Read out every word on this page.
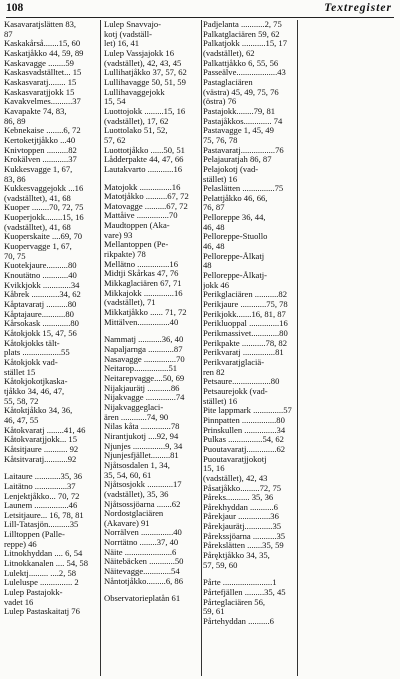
108	Textregister
Kasavaratjslätten 83,
87
Kaskakårså.......15, 60
Kaskatjåkko 44, 59, 89
Kaskavagge ........59
Kaskasvadställtet... 15
Kaskasvaratj........ 15
Kaskasvaratjjokk 15
Kavakvelmes..........37
Kavapakte 74, 83,
86, 89
Kebnekaise ........6, 72
Kertoketjtjåkko ...40
Knivtoppen ..........82
Krokälven ............37
Kukkesvagge 1, 67,
83, 86
Kukkesvaggejokk ...16
(vadställtet), 41, 68
Kuoper ........70, 72, 75
Kuoperjokk........15, 16
(vadställtet), 41, 68
Kuoperskaite ....69, 70
Kuopervagge 1, 67,
70, 75
Kuotekjaure..........80
Knoutätno ............40
Kvikkjokk .............34
Kåbrek .............34, 62
Kåptavaratj ..........80
Kåptajaure...........80
Kårsokask .............80
Kåtokjokk 15, 47, 56
Kåtokjokks tält-
plats ..................55
Kåtokjokk vad-
stället 15
Kåtokjokotjkaska-
tjåkko 34, 46, 47,
55, 58, 72
Kåtoktjåkko 34, 36,
46, 47, 55
Kåtokvaratj ........41, 46
Kåtokvaratjjokk... 15
Kåtsitjaure ........... 92
Kåtsitvaratj...........92
Laitaure ............35, 36
Laitätno ...............37
Lenjektjåkko... 70, 72
Launem ................46
Letsitjaure... 16, 78, 81
Lill-Tatasjön..........35
Lilltoppen (Palle-
reppe) 46
Litnokhyddan .... 6, 54
Litnokkanalen .... 54, 58
Lulektj......... ....2, 58
Luleluspe ............... 2
Lulep Pastajokk-
vadet 16
Lulep Pastaskaitatj 76
Lulep Snavvajo-
kotj (vadställ-
let) 16, 41
Lulep Vassjajokk 16
(vadstället), 42, 43, 45
Lullihatjåkko 37, 57, 62
Lullihavagge 50, 51, 59
Lullihavaggejokk
15, 54
Luottojokk .........15, 16
(vadstället), 17, 62
Luottolako 51, 52,
57, 62
Luottotjåkko ......50, 51
Lådderpakte 44, 47, 66
Lautakvarto ............16
Matojokk ...............16
Matotjåkko ..........67, 72
Matovagge ..........67, 72
Mattåive ...............70
Maudtoppen (Aka-
vare) 93
Mellantoppen (Pe-
rikpakte) 78
Mellätno ...............16
Midtji Skårkas 47, 76
Mikkaglaciären 67, 71
Mikkajokk ..............16
(vadstället), 71
Mikkatjåkko ...... 71, 72
Mittälven...............40
Nammatj ...........36, 40
Napaljarnga ............87
Nasavagge ...............70
Neitarop................51
Neitarepvagge....50, 69
Nijakjaurätj ...........86
Nijakvagge ..............74
Nijakvaggeglaci-
ären ............74, 90
Nilas kåta ..............78
Nirantjukotj ....92, 94
Njunjes ...............9, 34
Njunjesfjället.........81
Njåtsosdalen 1, 34,
35, 54, 60, 61
Njåtsosjokk ............17
(vadstället), 35, 36
Njåtsossjöarna .......62
Nordostglaciären
(Akavare) 91
Norrälven ...............40
Norrtätno ........37, 40
Näite ......................6
Näitebäcken ............50
Näitevagge.............54
Nåntotjåkko.........6, 86
Observatorieplatån 61
Padjelanta ...........2, 75
Palkatglaciären 59, 62
Palkatjokk ...........15, 17
(vadstället), 62
Palkattjåkko 6, 55, 56
Passeälve...................43
Pastaglaciären
(västra) 45, 49, 75, 76
(östra) 76
Pastajokk........79, 81
Pastajåkkos............. 74
Pastavagge 1, 45, 49
75, 76, 78
Pastavaratj................76
Pelajauratjah 86, 87
Pelajokotj (vad-
stället) 16
Pelaslätten ...............75
Pelattjåkko 46, 66,
76, 87
Pelloreppe 36, 44,
46, 48
Pelloreppe-Stuollo
46, 48
Pelloreppe-Ålkatj
48
Pelloreppe-Ålkatj-
jokk 46
Perikglaciären ...........82
Perikjaure ............75, 78
Perikjokk.......16, 81, 87
Perikluoppal ..............16
Perikmassivet.............80
Perikpakte ...........78, 82
Perikvaratj ...............81
Perikvaratjglaciä-
ren 82
Petsaure..................80
Petsaurejokk (vad-
stället) 16
Pite lappmark ..............57
Pinnpatten ................80
Prinskullen ...............34
Pulkas ................54, 62
Puoutavaratj..............62
Puoutavaratjjokotj
15, 16
(vadstället), 42, 43
Påsatjåkko.........72, 75
Påreks........... 35, 36
Pårekhyddan ...........6
Pårekjaur ...............36
Pårekjaurätj.............35
Pårekssjöarna ...........35
Pårekslätten .......35, 59
Påręktjåkko 34, 35,
57, 59, 60
Pårte .......................1
Pårtefjällen .........35, 45
Pårteglaciären 56,
59, 61
Pårtehyddan ..........6
